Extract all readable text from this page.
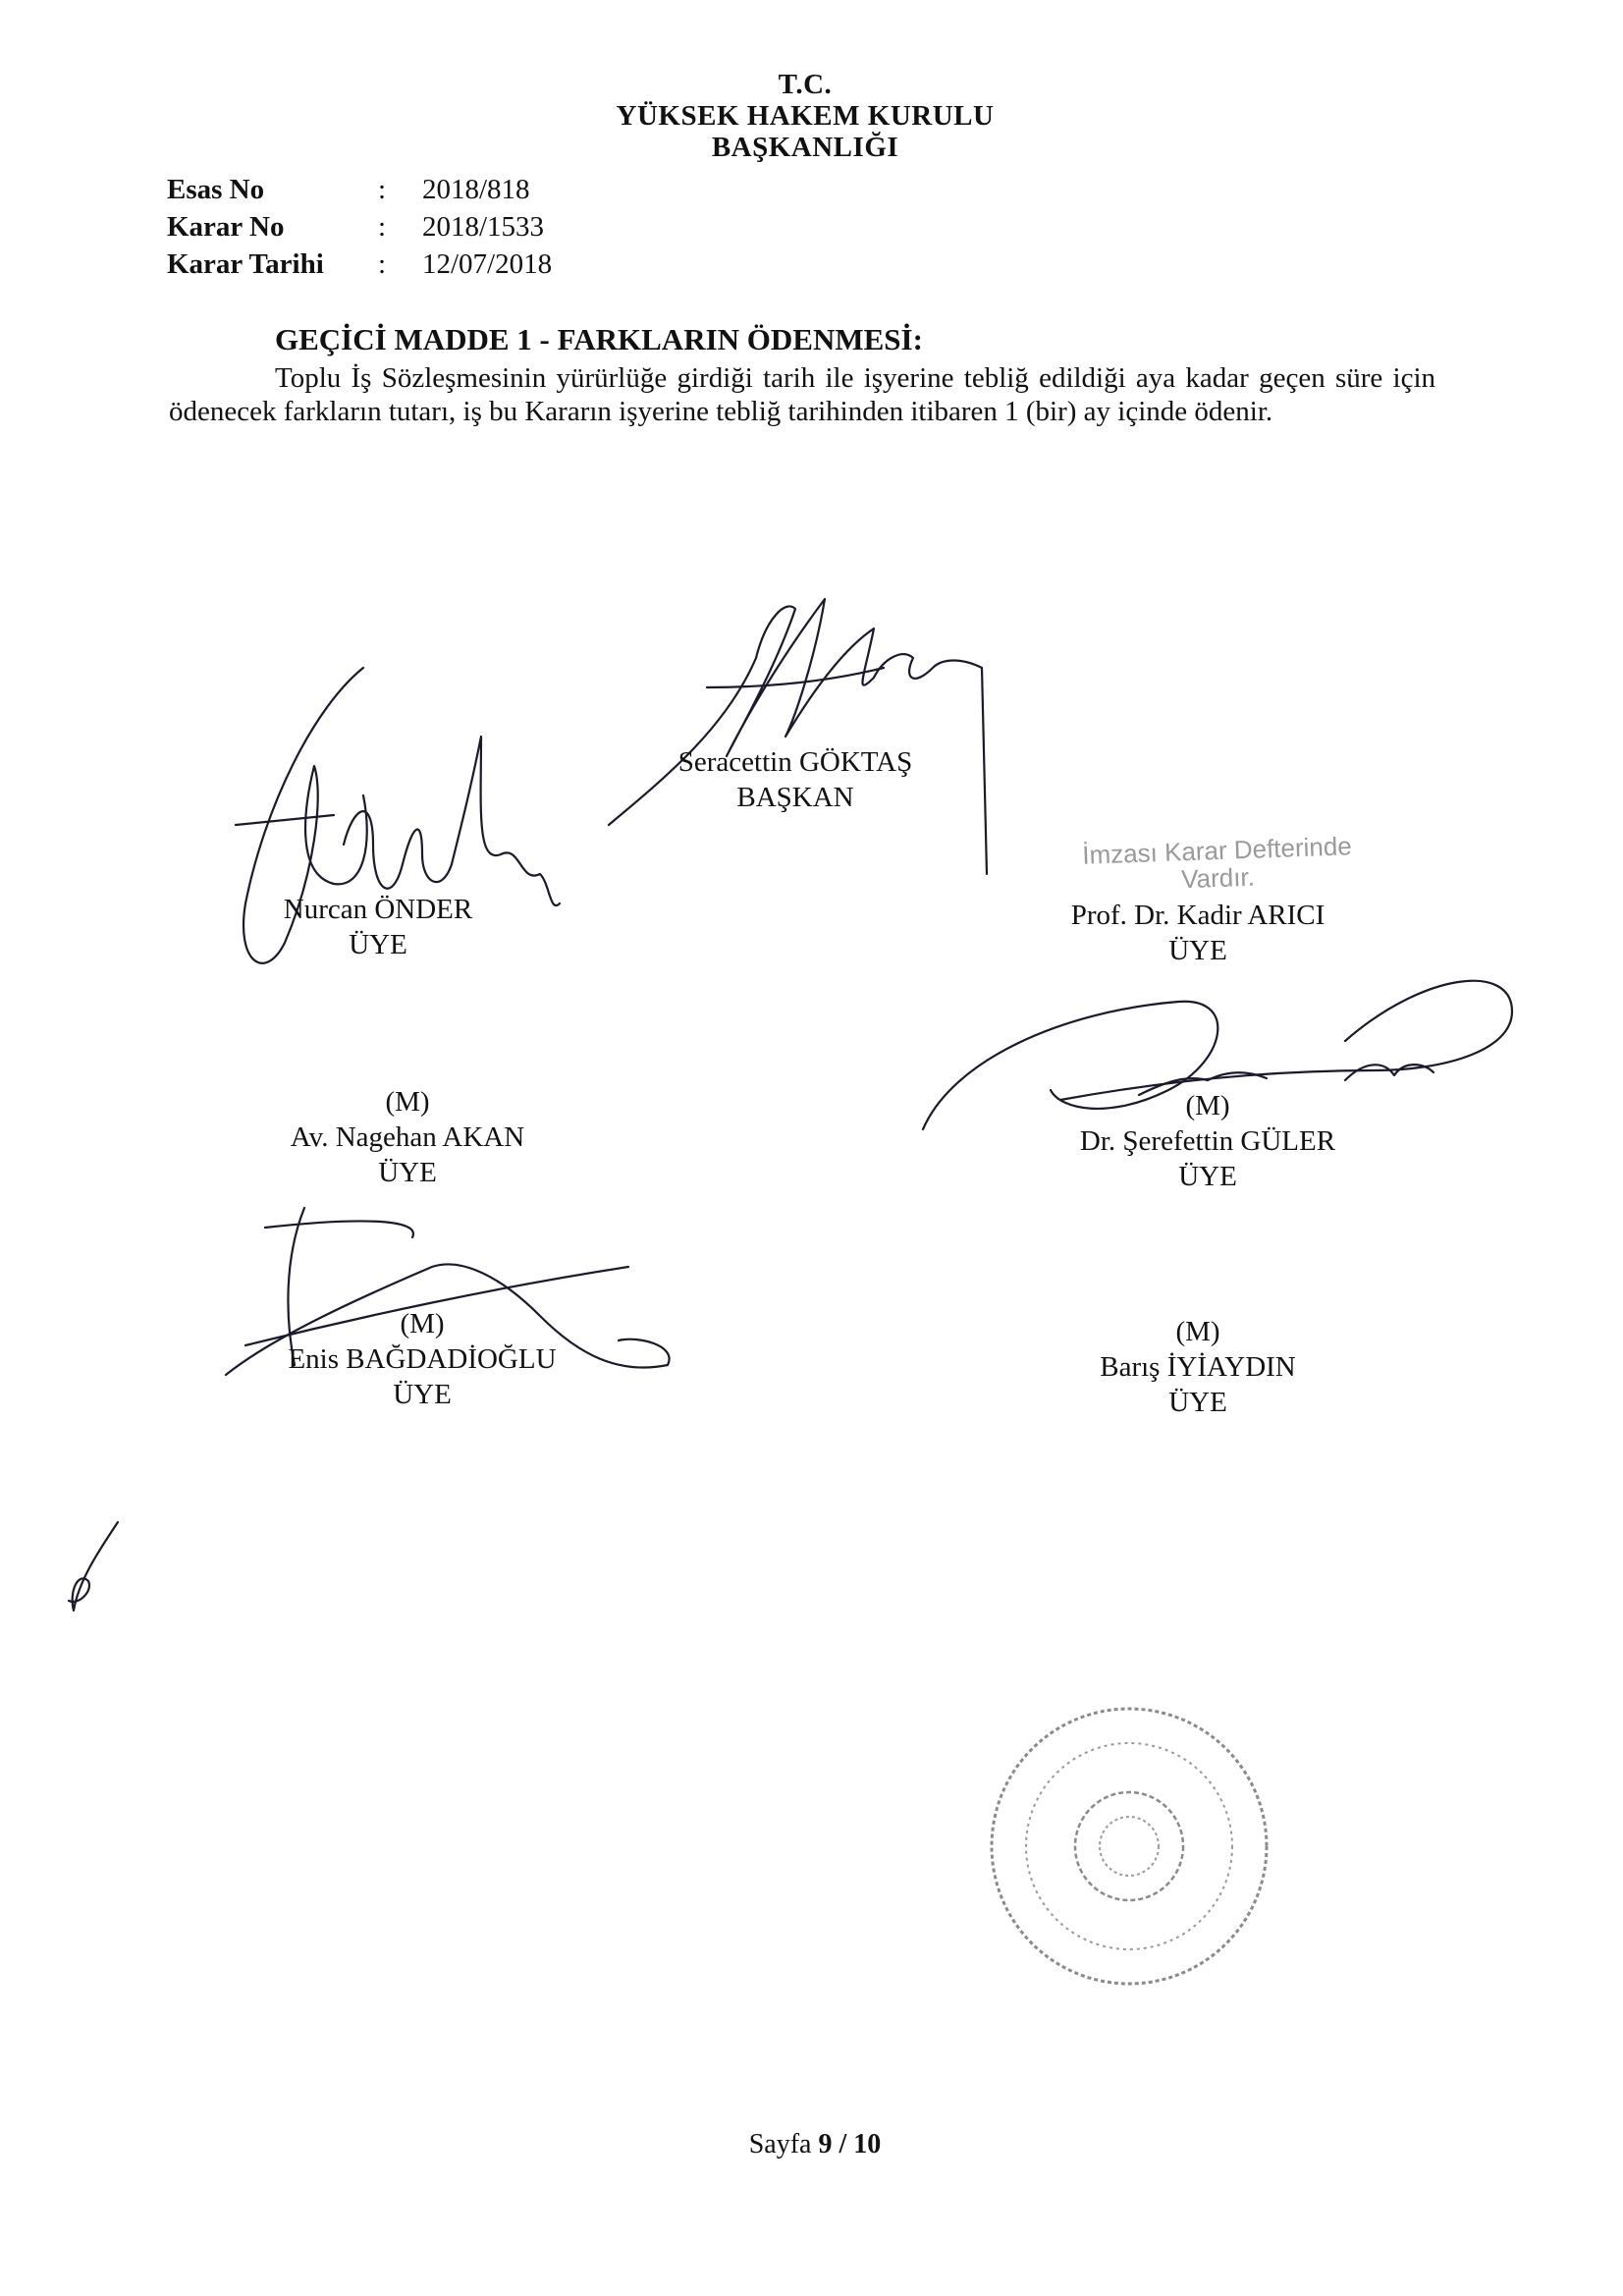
T.C.
YÜKSEK HAKEM KURULU
BAŞKANLIĞI
Esas No	: 2018/818
Karar No	: 2018/1533
Karar Tarihi : 12/07/2018
GEÇİCİ MADDE 1 - FARKLARIN ÖDENMESİ:
Toplu İş Sözleşmesinin yürürlüğe girdiği tarih ile işyerine tebliğ edildiği aya kadar geçen süre için ödenecek farkların tutarı, iş bu Kararın işyerine tebliğ tarihinden itibaren 1 (bir) ay içinde ödenir.
Seracettin GÖKTAŞ
BAŞKAN
Nurcan ÖNDER
ÜYE
İmzası Karar Defterinde Vardır.
Prof. Dr. Kadir ARICI
ÜYE
(M)
Av. Nagehan AKAN
ÜYE
(M)
Dr. Şerefettin GÜLER
ÜYE
(M)
Enis BAĞDADİOĞLU
ÜYE
(M)
Barış İYİAYDIN
ÜYE
Sayfa 9 / 10
